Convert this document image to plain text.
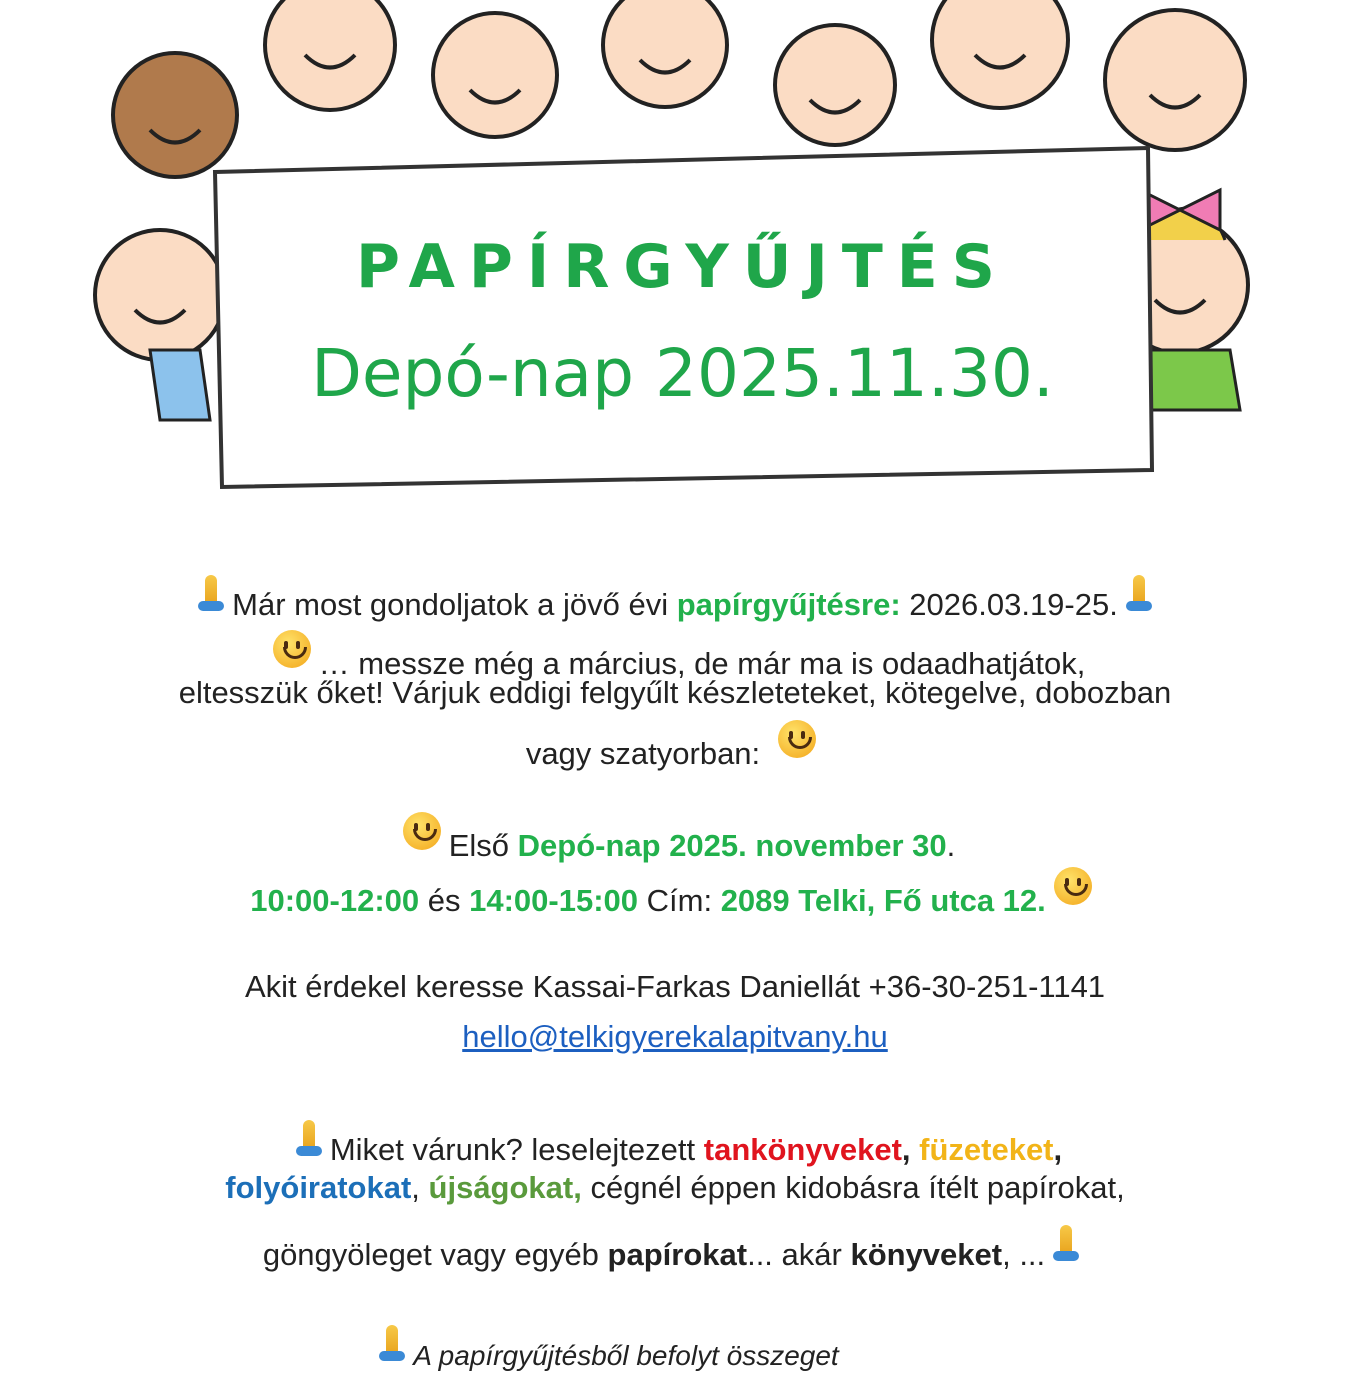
PAPÍRGYŰJTÉS
Depó-nap 2025.11.30.
Már most gondoljatok a jövő évi papírgyűjtésre: 2026.03.19-25.
… messze még a március, de már ma is odaadhatjátok,
eltesszük őket! Várjuk eddigi felgyűlt készleteteket, kötegelve, dobozban
vagy szatyorban:
Első Depó-nap 2025. november 30.
10:00-12:00 és 14:00-15:00 Cím: 2089 Telki, Fő utca 12.
Akit érdekel keresse Kassai-Farkas Daniellát +36-30-251-1141
hello@telkigyerekalapitvany.hu
Miket várunk? leselejtezett tankönyveket, füzeteket,
folyóiratokat, újságokat, cégnél éppen kidobásra ítélt papírokat,
göngyöleget vagy egyéb papírokat... akár könyveket, ...
A papírgyűjtésből befolyt összeget
